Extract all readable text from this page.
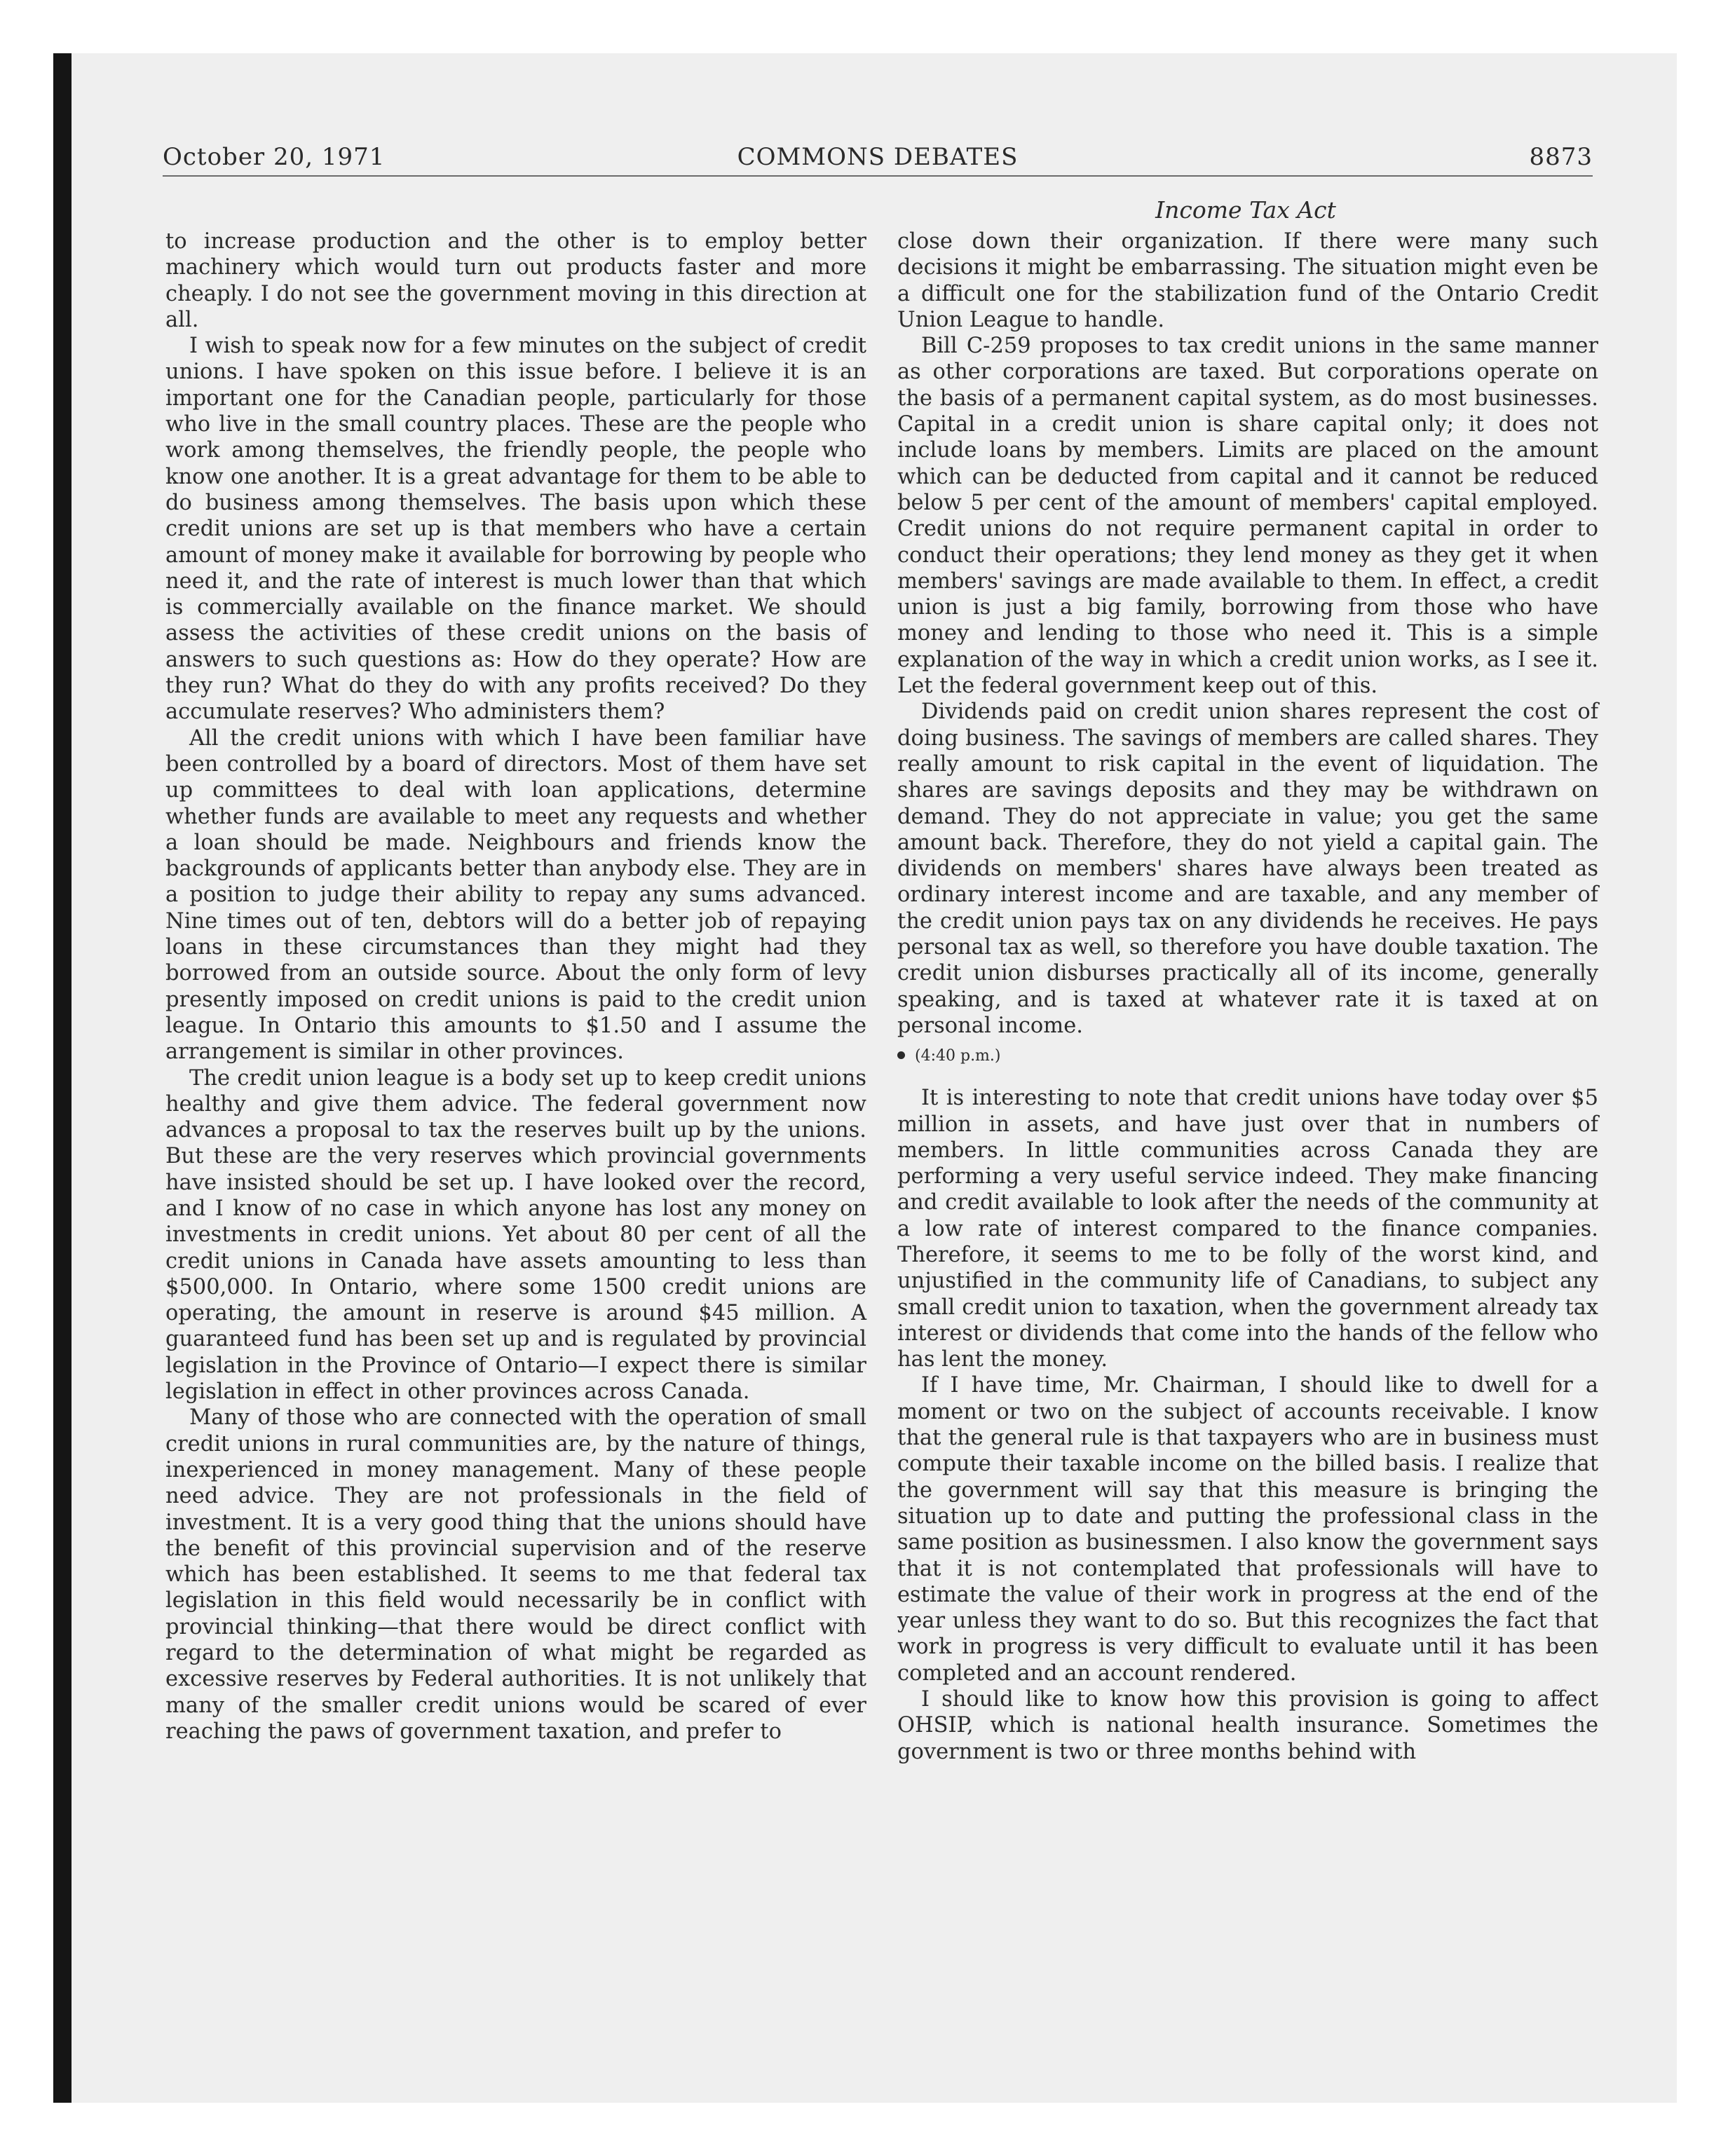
October 20, 1971	COMMONS DEBATES	8873
Income Tax Act

to increase production and the other is to employ better machinery which would turn out products faster and more cheaply. I do not see the government moving in this direction at all.

I wish to speak now for a few minutes on the subject of credit unions. I have spoken on this issue before. I believe it is an important one for the Canadian people, particularly for those who live in the small country places. These are the people who work among themselves, the friendly people, the people who know one another. It is a great advantage for them to be able to do business among themselves. The basis upon which these credit unions are set up is that members who have a certain amount of money make it available for borrowing by people who need it, and the rate of interest is much lower than that which is commercially available on the finance market. We should assess the activities of these credit unions on the basis of answers to such questions as: How do they operate? How are they run? What do they do with any profits received? Do they accumulate reserves? Who administers them?

All the credit unions with which I have been familiar have been controlled by a board of directors. Most of them have set up committees to deal with loan applications, determine whether funds are available to meet any requests and whether a loan should be made. Neighbours and friends know the backgrounds of applicants better than anybody else. They are in a position to judge their ability to repay any sums advanced. Nine times out of ten, debtors will do a better job of repaying loans in these circumstances than they might had they borrowed from an outside source. About the only form of levy presently imposed on credit unions is paid to the credit union league. In Ontario this amounts to $1.50 and I assume the arrangement is similar in other provinces.

The credit union league is a body set up to keep credit unions healthy and give them advice. The federal government now advances a proposal to tax the reserves built up by the unions. But these are the very reserves which provincial governments have insisted should be set up. I have looked over the record, and I know of no case in which anyone has lost any money on investments in credit unions. Yet about 80 per cent of all the credit unions in Canada have assets amounting to less than $500,000. In Ontario, where some 1500 credit unions are operating, the amount in reserve is around $45 million. A guaranteed fund has been set up and is regulated by provincial legislation in the Province of Ontario—I expect there is similar legislation in effect in other provinces across Canada.

Many of those who are connected with the operation of small credit unions in rural communities are, by the nature of things, inexperienced in money management. Many of these people need advice. They are not professionals in the field of investment. It is a very good thing that the unions should have the benefit of this provincial supervision and of the reserve which has been established. It seems to me that federal tax legislation in this field would necessarily be in conflict with provincial thinking—that there would be direct conflict with regard to the determination of what might be regarded as excessive reserves by Federal authorities. It is not unlikely that many of the smaller credit unions would be scared of ever reaching the paws of government taxation, and prefer to

close down their organization. If there were many such decisions it might be embarrassing. The situation might even be a difficult one for the stabilization fund of the Ontario Credit Union League to handle.

Bill C-259 proposes to tax credit unions in the same manner as other corporations are taxed. But corporations operate on the basis of a permanent capital system, as do most businesses. Capital in a credit union is share capital only; it does not include loans by members. Limits are placed on the amount which can be deducted from capital and it cannot be reduced below 5 per cent of the amount of members' capital employed. Credit unions do not require permanent capital in order to conduct their operations; they lend money as they get it when members' savings are made available to them. In effect, a credit union is just a big family, borrowing from those who have money and lending to those who need it. This is a simple explanation of the way in which a credit union works, as I see it. Let the federal government keep out of this.

Dividends paid on credit union shares represent the cost of doing business. The savings of members are called shares. They really amount to risk capital in the event of liquidation. The shares are savings deposits and they may be withdrawn on demand. They do not appreciate in value; you get the same amount back. Therefore, they do not yield a capital gain. The dividends on members' shares have always been treated as ordinary interest income and are taxable, and any member of the credit union pays tax on any dividends he receives. He pays personal tax as well, so therefore you have double taxation. The credit union disburses practically all of its income, generally speaking, and is taxed at whatever rate it is taxed at on personal income.

(4:40 p.m.)

It is interesting to note that credit unions have today over $5 million in assets, and have just over that in numbers of members. In little communities across Canada they are performing a very useful service indeed. They make financing and credit available to look after the needs of the community at a low rate of interest compared to the finance companies. Therefore, it seems to me to be folly of the worst kind, and unjustified in the community life of Canadians, to subject any small credit union to taxation, when the government already tax interest or dividends that come into the hands of the fellow who has lent the money.

If I have time, Mr. Chairman, I should like to dwell for a moment or two on the subject of accounts receivable. I know that the general rule is that taxpayers who are in business must compute their taxable income on the billed basis. I realize that the government will say that this measure is bringing the situation up to date and putting the professional class in the same position as businessmen. I also know the government says that it is not contemplated that professionals will have to estimate the value of their work in progress at the end of the year unless they want to do so. But this recognizes the fact that work in progress is very difficult to evaluate until it has been completed and an account rendered.

I should like to know how this provision is going to affect OHSIP, which is national health insurance. Sometimes the government is two or three months behind with
